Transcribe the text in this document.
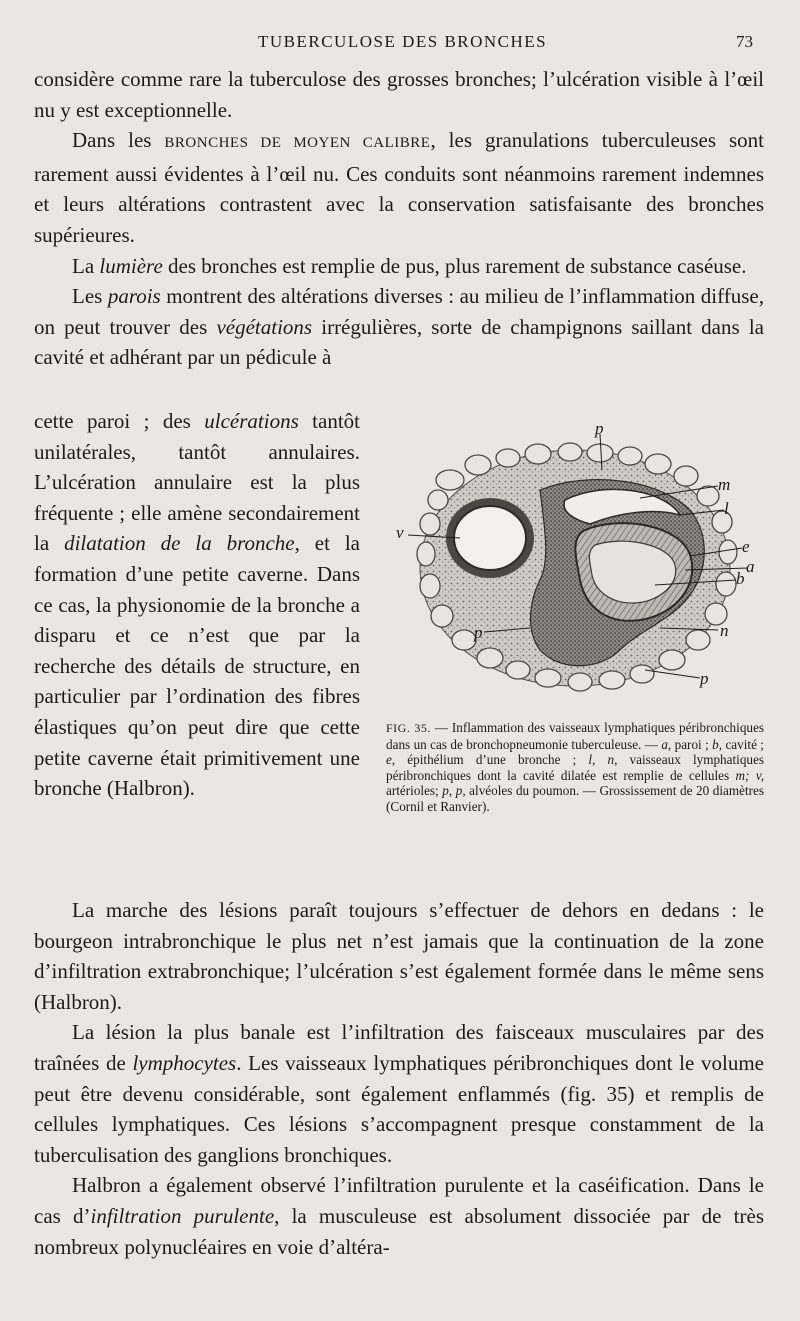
TUBERCULOSE DES BRONCHES	73

considère comme rare la tuberculose des grosses bronches; l’ulcération visible à l’œil nu y est exceptionnelle.

Dans les BRONCHES DE MOYEN CALIBRE, les granulations tuberculeuses sont rarement aussi évidentes à l’œil nu. Ces conduits sont néanmoins rarement indemnes et leurs altérations contrastent avec la conservation satisfaisante des bronches supérieures.

La lumière des bronches est remplie de pus, plus rarement de substance caséuse.

Les parois montrent des altérations diverses : au milieu de l’inflammation diffuse, on peut trouver des végétations irrégulières, sorte de champignons saillant dans la cavité et adhérant par un pédicule à

cette paroi ; des ulcérations tantôt unilatérales, tantôt annulaires. L’ulcération annulaire est la plus fréquente ; elle amène secondairement la dilatation de la bronche, et la formation d’une petite caverne. Dans ce cas, la physionomie de la bronche a disparu et ce n’est que par la recherche des détails de structure, en particulier par l’ordination des fibres élastiques qu’on peut dire que cette petite caverne était primitivement une bronche (Halbron).

p
m
l
v
e
a
b
p	n
p
FIG. 35. — Inflammation des vaisseaux lymphatiques péribronchiques dans un cas de bronchopneumonie tuberculeuse. — a, paroi ; b, cavité ; e, épithélium d’une bronche ; l, n, vaisseaux lymphatiques péribronchiques dont la cavité dilatée est remplie de cellules m; v, artérioles; p, p, alvéoles du poumon. — Grossissement de 20 diamètres (Cornil et Ranvier).

La marche des lésions paraît toujours s’effectuer de dehors en dedans : le bourgeon intrabronchique le plus net n’est jamais que la continuation de la zone d’infiltration extrabronchique; l’ulcération s’est également formée dans le même sens (Halbron).

La lésion la plus banale est l’infiltration des faisceaux musculaires par des traînées de lymphocytes. Les vaisseaux lymphatiques péribronchiques dont le volume peut être devenu considérable, sont également enflammés (fig. 35) et remplis de cellules lymphatiques. Ces lésions s’accompagnent presque constamment de la tuberculisation des ganglions bronchiques.

Halbron a également observé l’infiltration purulente et la caséification. Dans le cas d’infiltration purulente, la musculeuse est absolument dissociée par de très nombreux polynucléaires en voie d’altéra-
